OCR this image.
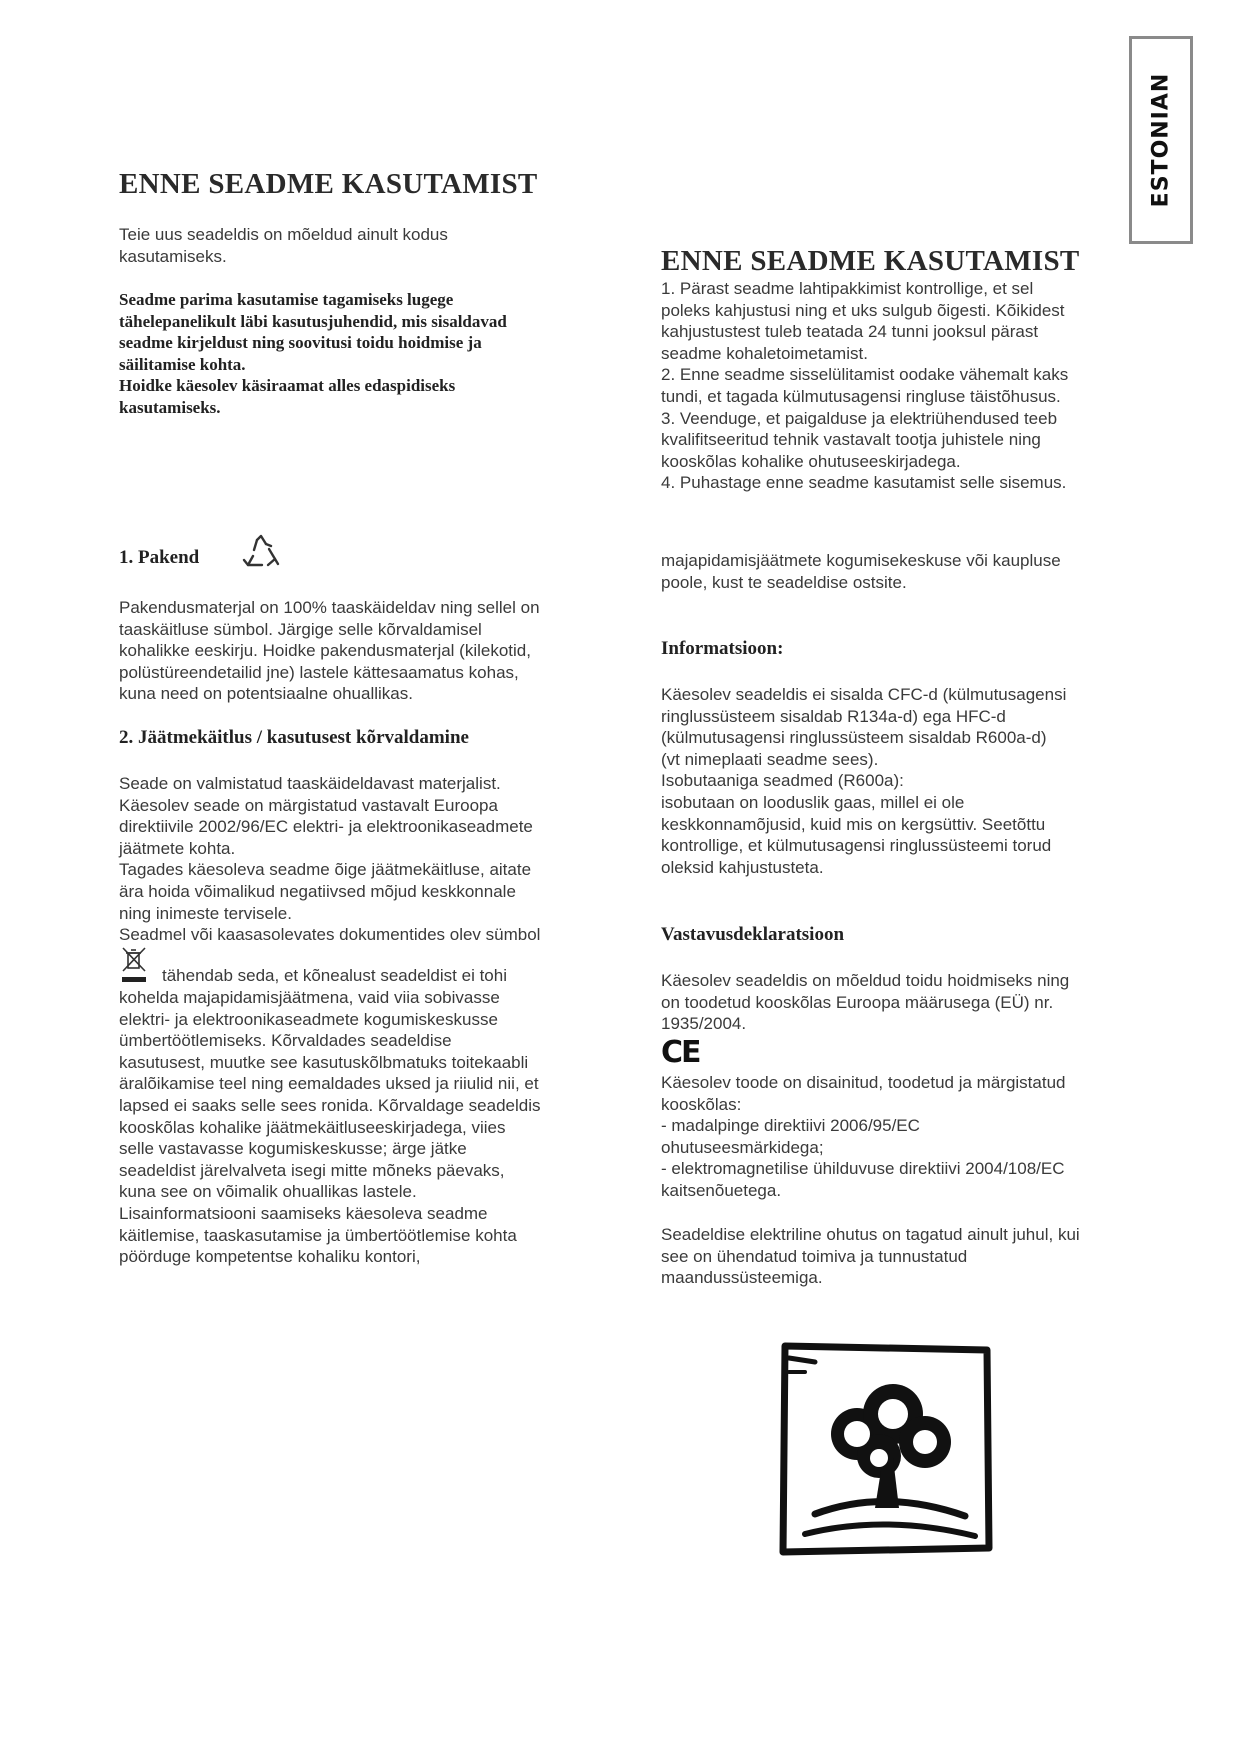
ESTONIAN
ENNE SEADME KASUTAMIST
Teie uus seadeldis on mõeldud ainult kodus
kasutamiseks.
Seadme parima kasutamise tagamiseks lugege
tähelepanelikult läbi kasutusjuhendid, mis sisaldavad
seadme kirjeldust ning soovitusi toidu hoidmise ja
säilitamise kohta.
Hoidke käesolev käsiraamat alles edaspidiseks
kasutamiseks.
1. Pakend
Pakendusmaterjal on 100% taaskäideldav ning sellel on
taaskäitluse sümbol. Järgige selle kõrvaldamisel
kohalikke eeskirju. Hoidke pakendusmaterjal (kilekotid,
polüstüreendetailid jne) lastele kättesaamatus kohas,
kuna need on potentsiaalne ohuallikas.
2. Jäätmekäitlus / kasutusest kõrvaldamine
Seade on valmistatud taaskäideldavast materjalist.
Käesolev seade on märgistatud vastavalt Euroopa
direktiivile 2002/96/EC elektri- ja elektroonikaseadmete
jäätmete kohta.
Tagades käesoleva seadme õige jäätmekäitluse, aitate
ära hoida võimalikud negatiivsed mõjud keskkonnale
ning inimeste tervisele.
Seadmel või kaasasolevates dokumentides olev sümbol
tähendab seda, et kõnealust seadeldist ei tohi
kohelda majapidamisjäätmena, vaid viia sobivasse
elektri- ja elektroonikaseadmete kogumiskeskusse
ümbertöötlemiseks. Kõrvaldades seadeldise
kasutusest, muutke see kasutuskõlbmatuks toitekaabli
äralõikamise teel ning eemaldades uksed ja riiulid nii, et
lapsed ei saaks selle sees ronida. Kõrvaldage seadeldis
kooskõlas kohalike jäätmekäitluseeskirjadega, viies
selle vastavasse kogumiskeskusse; ärge jätke
seadeldist järelvalveta isegi mitte mõneks päevaks,
kuna see on võimalik ohuallikas lastele.
Lisainformatsiooni saamiseks käesoleva seadme
käitlemise, taaskasutamise ja ümbertöötlemise kohta
pöörduge kompetentse kohaliku kontori,
ENNE SEADME KASUTAMIST
1. Pärast seadme lahtipakkimist kontrollige, et sel
poleks kahjustusi ning et uks sulgub õigesti. Kõikidest
kahjustustest tuleb teatada 24 tunni jooksul pärast
seadme kohaletoimetamist.
2. Enne seadme sisselülitamist oodake vähemalt kaks
tundi, et tagada külmutusagensi ringluse täistõhusus.
3. Veenduge, et paigalduse ja elektriühendused teeb
kvalifitseeritud tehnik vastavalt tootja juhistele ning
kooskõlas kohalike ohutuseeskirjadega.
4. Puhastage enne seadme kasutamist selle sisemus.
majapidamisjäätmete kogumisekeskuse või kaupluse
poole, kust te seadeldise ostsite.
Informatsioon:
Käesolev seadeldis ei sisalda CFC-d (külmutusagensi
ringlussüsteem sisaldab R134a-d) ega HFC-d
(külmutusagensi ringlussüsteem sisaldab R600a-d)
(vt nimeplaati seadme sees).
Isobutaaniga seadmed (R600a):
isobutaan on looduslik gaas, millel ei ole
keskkonnamõjusid, kuid mis on kergsüttiv. Seetõttu
kontrollige, et külmutusagensi ringlussüsteemi torud
oleksid kahjustusteta.
Vastavusdeklaratsioon
Käesolev seadeldis on mõeldud toidu hoidmiseks ning
on toodetud kooskõlas Euroopa määrusega (EÜ) nr.
1935/2004.
CE
Käesolev toode on disainitud, toodetud ja märgistatud
kooskõlas:
- madalpinge direktiivi 2006/95/EC
ohutuseesmärkidega;
- elektromagnetilise ühilduvuse direktiivi 2004/108/EC
kaitsenõuetega.
Seadeldise elektriline ohutus on tagatud ainult juhul, kui
see on ühendatud toimiva ja tunnustatud
maandussüsteemiga.
